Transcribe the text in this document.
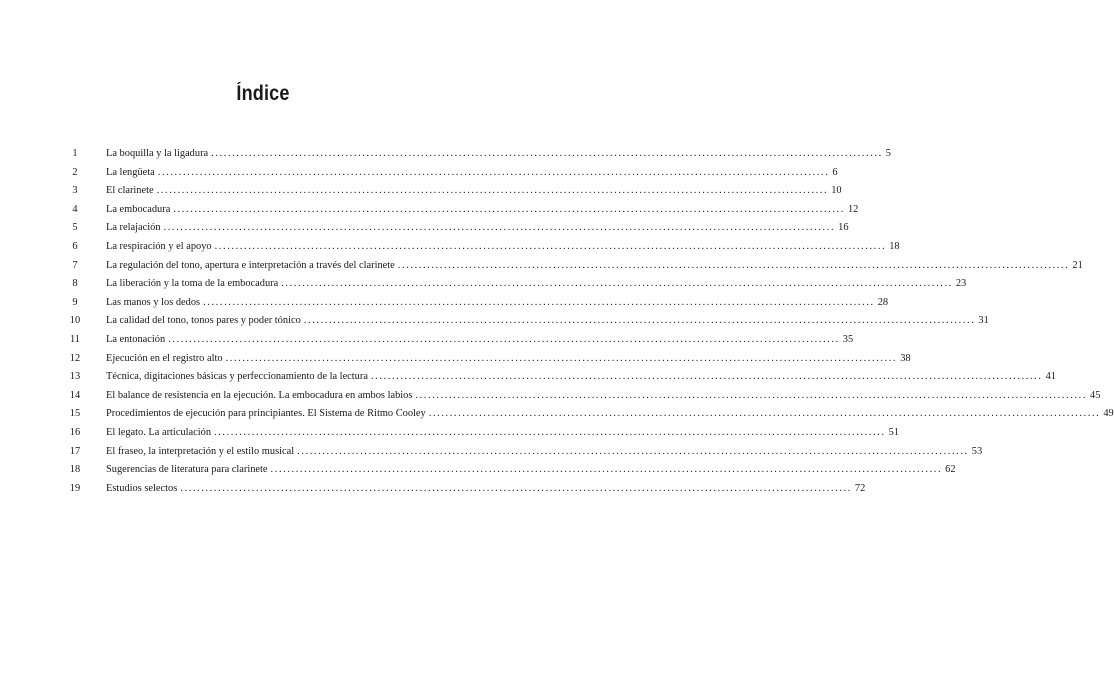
Índice
1	La boquilla y la ligadura ................................................................................................................................................................ 5
2	La lengüeta ................................................................................................................................................................ 6
3	El clarinete ................................................................................................................................................................ 10
4	La embocadura ................................................................................................................................................................ 12
5	La relajación ................................................................................................................................................................ 16
6	La respiración y el apoyo ................................................................................................................................................................ 18
7	La regulación del tono, apertura e interpretación a través del clarinete ................................................................................................................................................................ 21
8	La liberación y la toma de la embocadura ................................................................................................................................................................ 23
9	Las manos y los dedos ................................................................................................................................................................ 28
10	La calidad del tono, tonos pares y poder tónico ................................................................................................................................................................ 31
11	La entonación ................................................................................................................................................................ 35
12	Ejecución en el registro alto ................................................................................................................................................................ 38
13	Técnica, digitaciones básicas y perfeccionamiento de la lectura ................................................................................................................................................................ 41
14	El balance de resistencia en la ejecución. La embocadura en ambos labios ................................................................................................................................................................ 45
15	Procedimientos de ejecución para principiantes. El Sistema de Ritmo Cooley ................................................................................................................................................................ 49
16	El legato. La articulación ................................................................................................................................................................ 51
17	El fraseo, la interpretación y el estilo musical ................................................................................................................................................................ 53
18	Sugerencias de literatura para clarinete ................................................................................................................................................................ 62
19	Estudios selectos ................................................................................................................................................................ 72
